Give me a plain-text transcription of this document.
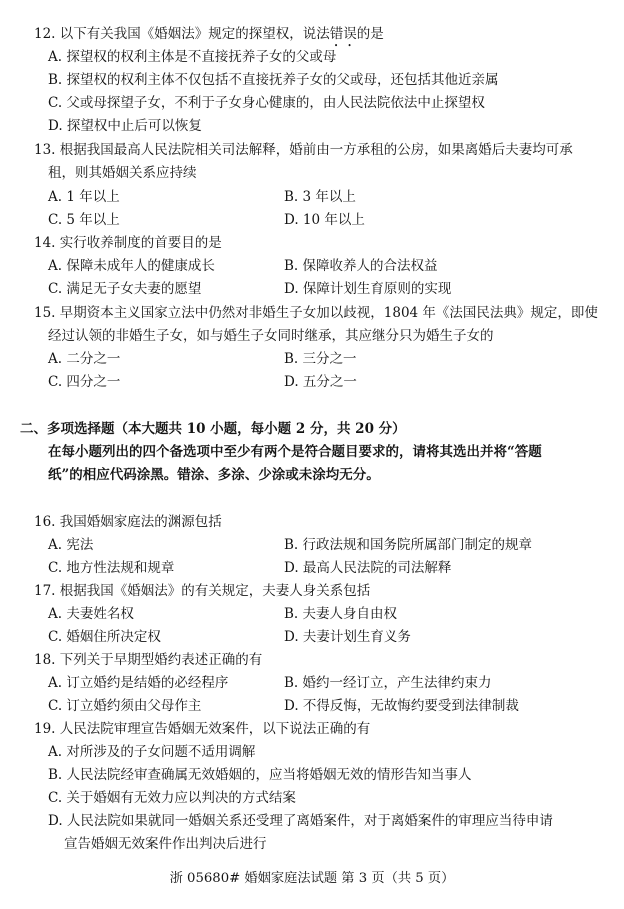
12. 以下有关我国《婚姻法》规定的探望权，说法错误的是
A. 探望权的权利主体是不直接抚养子女的父或母
B. 探望权的权利主体不仅包括不直接抚养子女的父或母，还包括其他近亲属
C. 父或母探望子女，不利于子女身心健康的，由人民法院依法中止探望权
D. 探望权中止后可以恢复
13. 根据我国最高人民法院相关司法解释，婚前由一方承租的公房，如果离婚后夫妻均可承
租，则其婚姻关系应持续
A. 1 年以上	B. 3 年以上
C. 5 年以上	D. 10 年以上
14. 实行收养制度的首要目的是
A. 保障未成年人的健康成长	B. 保障收养人的合法权益
C. 满足无子女夫妻的愿望	D. 保障计划生育原则的实现
15. 早期资本主义国家立法中仍然对非婚生子女加以歧视，1804 年《法国民法典》规定，即使
经过认领的非婚生子女，如与婚生子女同时继承，其应继分只为婚生子女的
A. 二分之一	B. 三分之一
C. 四分之一	D. 五分之一
二、多项选择题（本大题共 10 小题，每小题 2 分，共 20 分）
在每小题列出的四个备选项中至少有两个是符合题目要求的，请将其选出并将“答题
纸”的相应代码涂黑。错涂、多涂、少涂或未涂均无分。
16. 我国婚姻家庭法的渊源包括
A. 宪法	B. 行政法规和国务院所属部门制定的规章
C. 地方性法规和规章	D. 最高人民法院的司法解释
17. 根据我国《婚姻法》的有关规定，夫妻人身关系包括
A. 夫妻姓名权	B. 夫妻人身自由权
C. 婚姻住所决定权	D. 夫妻计划生育义务
18. 下列关于早期型婚约表述正确的有
A. 订立婚约是结婚的必经程序	B. 婚约一经订立，产生法律约束力
C. 订立婚约须由父母作主	D. 不得反悔，无故悔约要受到法律制裁
19. 人民法院审理宣告婚姻无效案件，以下说法正确的有
A. 对所涉及的子女问题不适用调解
B. 人民法院经审查确属无效婚姻的，应当将婚姻无效的情形告知当事人
C. 关于婚姻有无效力应以判决的方式结案
D. 人民法院如果就同一婚姻关系还受理了离婚案件，对于离婚案件的审理应当待申请
宣告婚姻无效案件作出判决后进行
浙 05680# 婚姻家庭法试题 第 3 页（共 5 页）
